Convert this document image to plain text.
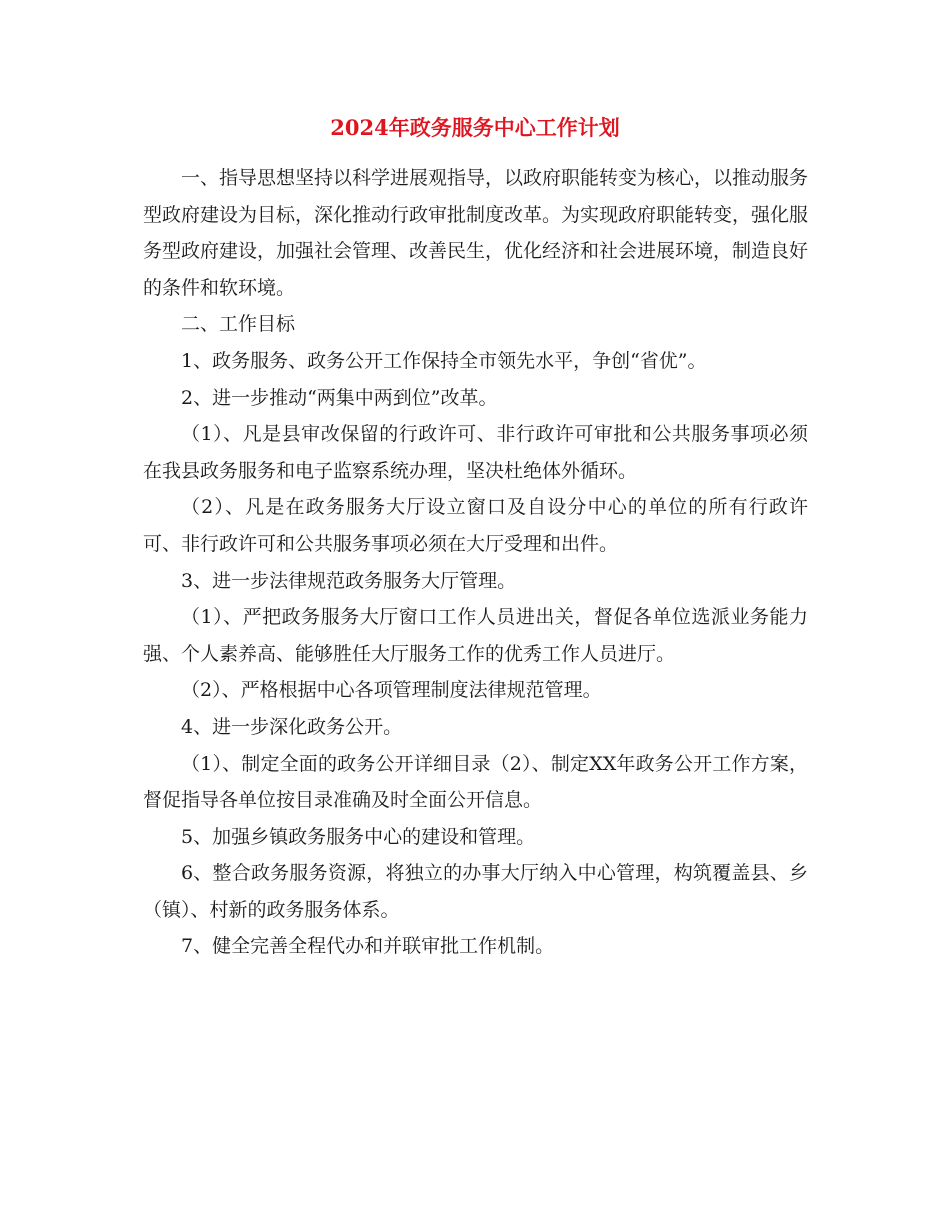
2024年政务服务中心工作计划

一、指导思想坚持以科学进展观指导，以政府职能转变为核心，以推动服务型政府建设为目标，深化推动行政审批制度改革。为实现政府职能转变，强化服务型政府建设，加强社会管理、改善民生，优化经济和社会进展环境，制造良好的条件和软环境。

二、工作目标

1、政务服务、政务公开工作保持全市领先水平，争创“省优”。

2、进一步推动“两集中两到位”改革。

（1）、凡是县审改保留的行政许可、非行政许可审批和公共服务事项必须在我县政务服务和电子监察系统办理，坚决杜绝体外循环。

（2）、凡是在政务服务大厅设立窗口及自设分中心的单位的所有行政许可、非行政许可和公共服务事项必须在大厅受理和出件。

3、进一步法律规范政务服务大厅管理。

（1）、严把政务服务大厅窗口工作人员进出关，督促各单位选派业务能力强、个人素养高、能够胜任大厅服务工作的优秀工作人员进厅。

（2）、严格根据中心各项管理制度法律规范管理。

4、进一步深化政务公开。

（1）、制定全面的政务公开详细目录（2）、制定XX年政务公开工作方案，督促指导各单位按目录准确及时全面公开信息。

5、加强乡镇政务服务中心的建设和管理。

6、整合政务服务资源，将独立的办事大厅纳入中心管理，构筑覆盖县、乡（镇）、村新的政务服务体系。

7、健全完善全程代办和并联审批工作机制。
